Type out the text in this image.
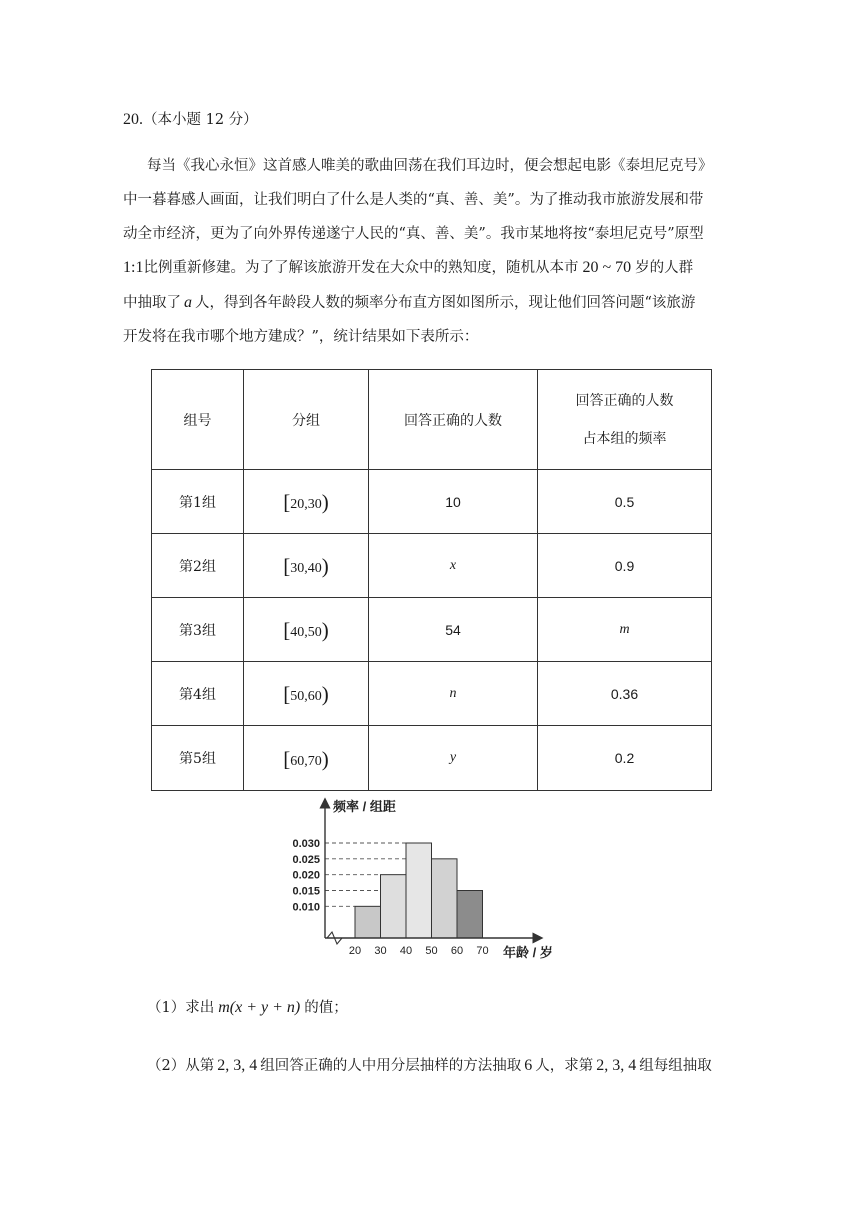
20.（本小题 12 分）
每当《我心永恒》这首感人唯美的歌曲回荡在我们耳边时，便会想起电影《泰坦尼克号》
中一暮暮感人画面，让我们明白了什么是人类的“真、善、美”。为了推动我市旅游发展和带
动全市经济，更为了向外界传递遂宁人民的“真、善、美”。我市某地将按“泰坦尼克号”原型
1:1比例重新修建。为了了解该旅游开发在大众中的熟知度，随机从本市 20 ~ 70 岁的人群
中抽取了 a 人，得到各年龄段人数的频率分布直方图如图所示，现让他们回答问题“该旅游
开发将在我市哪个地方建成？”，统计结果如下表所示：
组号	分组	回答正确的人数	回答正确的人数
占本组的频率

第1组	[20,30)	10	0.5
第2组	[30,40)	x	0.9
第3组	[40,50)	54	m
第4组	[50,60)	n	0.36
第5组	[60,70)	y	0.2
0.010
0.015
0.020
0.025
0.030
20 30 40 50 60 70
频率 / 组距
年龄 / 岁
（1）求出 m(x + y + n) 的值；
（2）从第 2, 3, 4 组回答正确的人中用分层抽样的方法抽取 6 人，求第 2, 3, 4 组每组抽取
